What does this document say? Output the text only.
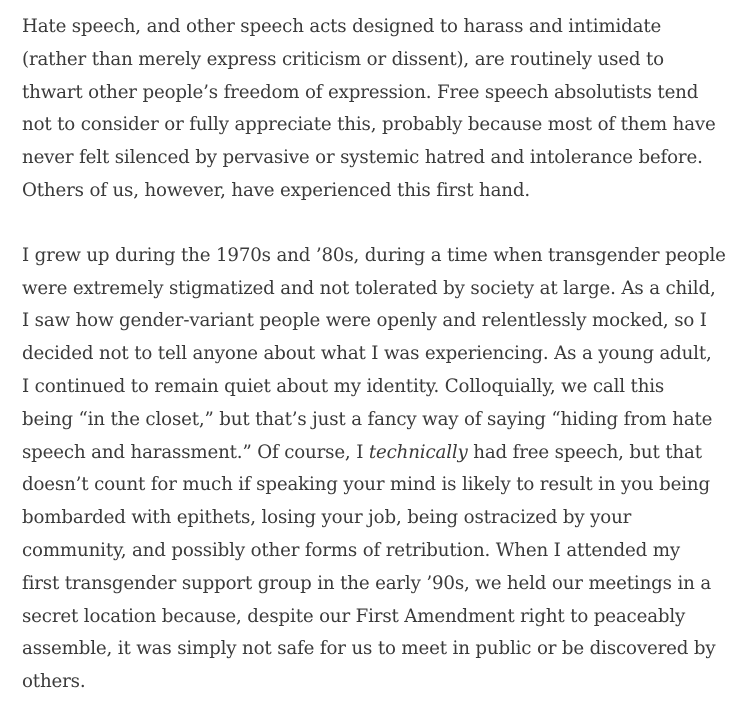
Hate speech, and other speech acts designed to harass and intimidate
(rather than merely express criticism or dissent), are routinely used to
thwart other people’s freedom of expression. Free speech absolutists tend
not to consider or fully appreciate this, probably because most of them have
never felt silenced by pervasive or systemic hatred and intolerance before.
Others of us, however, have experienced this first hand.

I grew up during the 1970s and ’80s, during a time when transgender people
were extremely stigmatized and not tolerated by society at large. As a child,
I saw how gender-variant people were openly and relentlessly mocked, so I
decided not to tell anyone about what I was experiencing. As a young adult,
I continued to remain quiet about my identity. Colloquially, we call this
being “in the closet,” but that’s just a fancy way of saying “hiding from hate
speech and harassment.” Of course, I technically had free speech, but that
doesn’t count for much if speaking your mind is likely to result in you being
bombarded with epithets, losing your job, being ostracized by your
community, and possibly other forms of retribution. When I attended my
first transgender support group in the early ’90s, we held our meetings in a
secret location because, despite our First Amendment right to peaceably
assemble, it was simply not safe for us to meet in public or be discovered by
others.
